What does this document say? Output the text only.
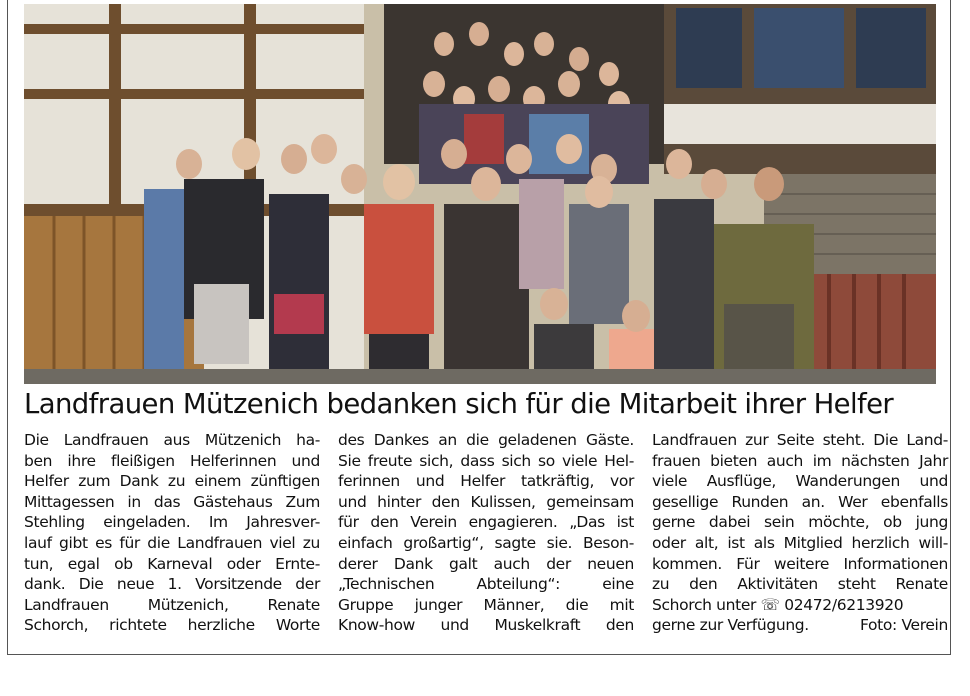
Landfrauen Mützenich bedanken sich für die Mitarbeit ihrer Helfer
Die Landfrauen aus Mützenich ha-
ben ihre fleißigen Helferinnen und
Helfer zum Dank zu einem zünftigen
Mittagessen in das Gästehaus Zum
Stehling eingeladen. Im Jahresver-
lauf gibt es für die Landfrauen viel zu
tun, egal ob Karneval oder Ernte-
dank. Die neue 1. Vorsitzende der
Landfrauen Mützenich, Renate
Schorch, richtete herzliche Worte
des Dankes an die geladenen Gäste.
Sie freute sich, dass sich so viele Hel-
ferinnen und Helfer tatkräftig, vor
und hinter den Kulissen, gemeinsam
für den Verein engagieren. „Das ist
einfach großartig“, sagte sie. Beson-
derer Dank galt auch der neuen
„Technischen Abteilung“: eine
Gruppe junger Männer, die mit
Know-how und Muskelkraft den
Landfrauen zur Seite steht. Die Land-
frauen bieten auch im nächsten Jahr
viele Ausflüge, Wanderungen und
gesellige Runden an. Wer ebenfalls
gerne dabei sein möchte, ob jung
oder alt, ist als Mitglied herzlich will-
kommen. Für weitere Informationen
zu den Aktivitäten steht Renate
Schorch unter ☏ 02472/6213920
gerne zur Verfügung.	Foto: Verein
